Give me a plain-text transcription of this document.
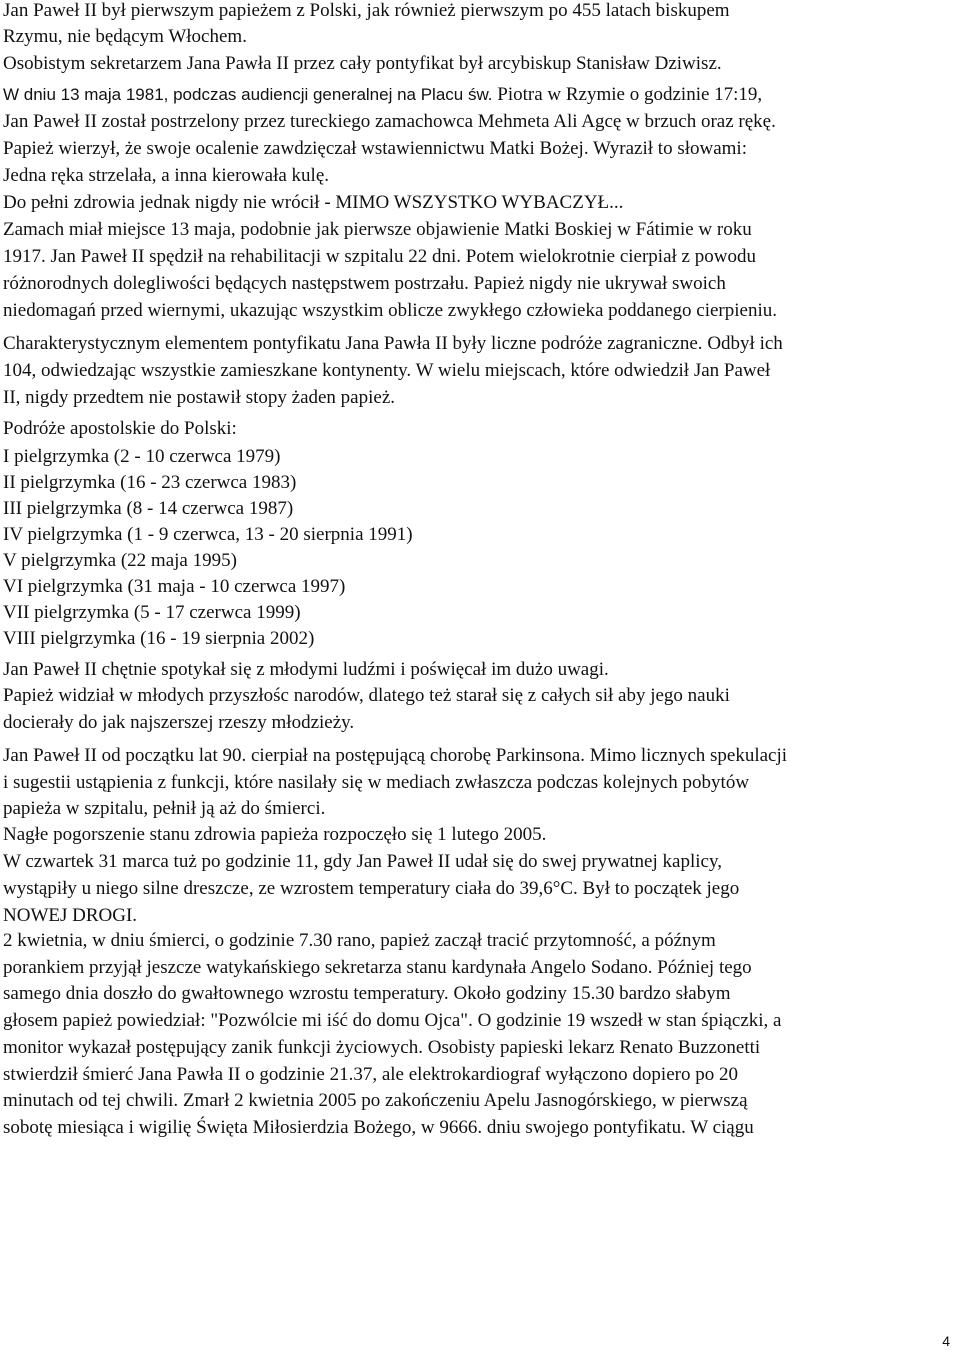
4
Jan Paweł II był pierwszym papieżem z Polski, jak również pierwszym po 455 latach biskupem
Rzymu, nie będącym Włochem.
Osobistym sekretarzem Jana Pawła II przez cały pontyfikat był arcybiskup Stanisław Dziwisz.
W dniu 13 maja 1981, podczas audiencji generalnej na Placu św. Piotra w Rzymie o godzinie 17:19,
Jan Paweł II został postrzelony przez tureckiego zamachowca Mehmeta Ali Agcę w brzuch oraz rękę.
Papież wierzył, że swoje ocalenie zawdzięczał wstawiennictwu Matki Bożej. Wyraził to słowami:
Jedna ręka strzelała, a inna kierowała kulę.
Do pełni zdrowia jednak nigdy nie wrócił - MIMO WSZYSTKO WYBACZYŁ...
Zamach miał miejsce 13 maja, podobnie jak pierwsze objawienie Matki Boskiej w Fátimie w roku
1917. Jan Paweł II spędził na rehabilitacji w szpitalu 22 dni. Potem wielokrotnie cierpiał z powodu
różnorodnych dolegliwości będących następstwem postrzału. Papież nigdy nie ukrywał swoich
niedomagań przed wiernymi, ukazując wszystkim oblicze zwykłego człowieka poddanego cierpieniu.
Charakterystycznym elementem pontyfikatu Jana Pawła II były liczne podróże zagraniczne. Odbył ich
104, odwiedzając wszystkie zamieszkane kontynenty. W wielu miejscach, które odwiedził Jan Paweł
II, nigdy przedtem nie postawił stopy żaden papież.
Podróże apostolskie do Polski:
I pielgrzymka (2 - 10 czerwca 1979)
II pielgrzymka (16 - 23 czerwca 1983)
III pielgrzymka (8 - 14 czerwca 1987)
IV pielgrzymka (1 - 9 czerwca, 13 - 20 sierpnia 1991)
V pielgrzymka (22 maja 1995)
VI pielgrzymka (31 maja - 10 czerwca 1997)
VII pielgrzymka (5 - 17 czerwca 1999)
VIII pielgrzymka (16 - 19 sierpnia 2002)
Jan Paweł II chętnie spotykał się z młodymi ludźmi i poświęcał im dużo uwagi.
Papież widział w młodych przyszłośc narodów, dlatego też starał się z całych sił aby jego nauki
docierały do jak najszerszej rzeszy młodzieży.
Jan Paweł II od początku lat 90. cierpiał na postępującą chorobę Parkinsona. Mimo licznych spekulacji
i sugestii ustąpienia z funkcji, które nasilały się w mediach zwłaszcza podczas kolejnych pobytów
papieża w szpitalu, pełnił ją aż do śmierci.
Nagłe pogorszenie stanu zdrowia papieża rozpoczęło się 1 lutego 2005.
W czwartek 31 marca tuż po godzinie 11, gdy Jan Paweł II udał się do swej prywatnej kaplicy,
wystąpiły u niego silne dreszcze, ze wzrostem temperatury ciała do 39,6°C. Był to początek jego
NOWEJ DROGI.
2 kwietnia, w dniu śmierci, o godzinie 7.30 rano, papież zaczął tracić przytomność, a późnym
porankiem przyjął jeszcze watykańskiego sekretarza stanu kardynała Angelo Sodano. Później tego
samego dnia doszło do gwałtownego wzrostu temperatury. Około godziny 15.30 bardzo słabym
głosem papież powiedział: "Pozwólcie mi iść do domu Ojca". O godzinie 19 wszedł w stan śpiączki, a
monitor wykazał postępujący zanik funkcji życiowych. Osobisty papieski lekarz Renato Buzzonetti
stwierdził śmierć Jana Pawła II o godzinie 21.37, ale elektrokardiograf wyłączono dopiero po 20
minutach od tej chwili. Zmarł 2 kwietnia 2005 po zakończeniu Apelu Jasnogórskiego, w pierwszą
sobotę miesiąca i wigilię Święta Miłosierdzia Bożego, w 9666. dniu swojego pontyfikatu. W ciągu
